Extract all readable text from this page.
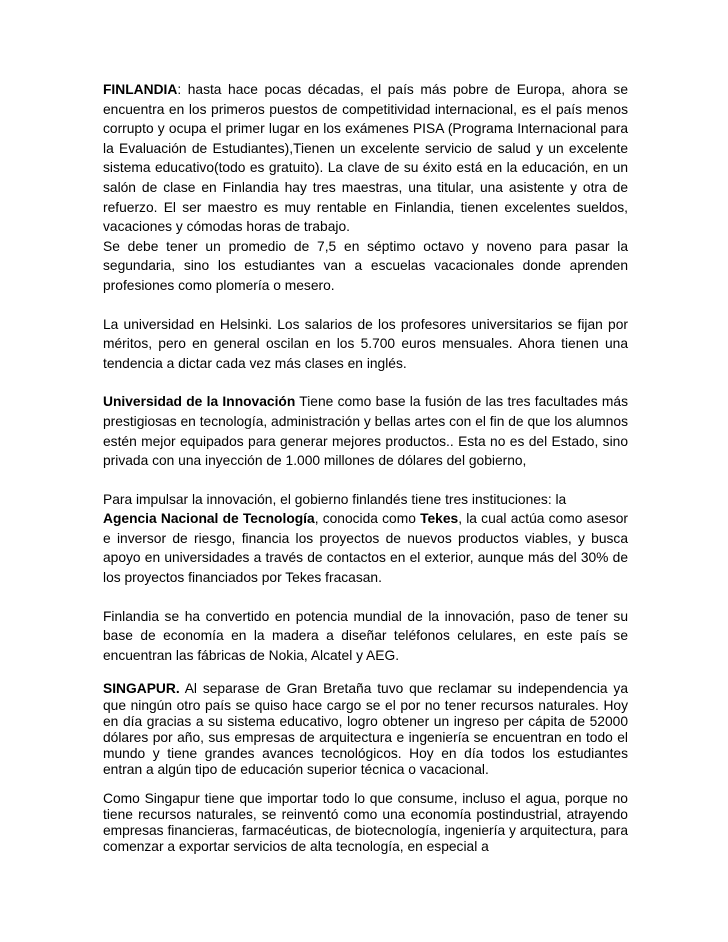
FINLANDIA: hasta hace pocas décadas, el país más pobre de Europa, ahora se encuentra en los primeros puestos de competitividad internacional, es el país menos corrupto y ocupa el primer lugar en los exámenes PISA (Programa Internacional para la Evaluación de Estudiantes),Tienen un excelente servicio de salud y un excelente sistema educativo(todo es gratuito). La clave de su éxito está en la educación, en un salón de clase en Finlandia hay tres maestras, una titular, una asistente y otra de refuerzo. El ser maestro es muy rentable en Finlandia, tienen excelentes sueldos, vacaciones y cómodas horas de trabajo.

Se debe tener un promedio de 7,5 en séptimo octavo y noveno para pasar la segundaria, sino los estudiantes van a escuelas vacacionales donde aprenden profesiones como plomería o mesero.

La universidad en Helsinki. Los salarios de los profesores universitarios se fijan por méritos, pero en general oscilan en los 5.700 euros mensuales. Ahora tienen una tendencia a dictar cada vez más clases en inglés.

Universidad de la Innovación Tiene como base la fusión de las tres facultades más prestigiosas en tecnología, administración y bellas artes con el fin de que los alumnos estén mejor equipados para generar mejores productos.. Esta no es del Estado, sino privada con una inyección de 1.000 millones de dólares del gobierno,

Para impulsar la innovación, el gobierno finlandés tiene tres instituciones: la
Agencia Nacional de Tecnología, conocida como Tekes, la cual actúa como asesor e inversor de riesgo, financia los proyectos de nuevos productos viables, y busca apoyo en universidades a través de contactos en el exterior, aunque más del 30% de los proyectos financiados por Tekes fracasan.

Finlandia se ha convertido en potencia mundial de la innovación, paso de tener su base de economía en la madera a diseñar teléfonos celulares, en este país se encuentran las fábricas de Nokia, Alcatel y AEG.

SINGAPUR. Al separase de Gran Bretaña tuvo que reclamar su independencia ya que ningún otro país se quiso hace cargo se el por no tener recursos naturales. Hoy en día gracias a su sistema educativo, logro obtener un ingreso per cápita de 52000 dólares por año, sus empresas de arquitectura e ingeniería se encuentran en todo el mundo y tiene grandes avances tecnológicos. Hoy en día todos los estudiantes entran a algún tipo de educación superior técnica o vacacional.

Como Singapur tiene que importar todo lo que consume, incluso el agua, porque no tiene recursos naturales, se reinventó como una economía postindustrial, atrayendo empresas financieras, farmacéuticas, de biotecnología, ingeniería y arquitectura, para comenzar a exportar servicios de alta tecnología, en especial a
